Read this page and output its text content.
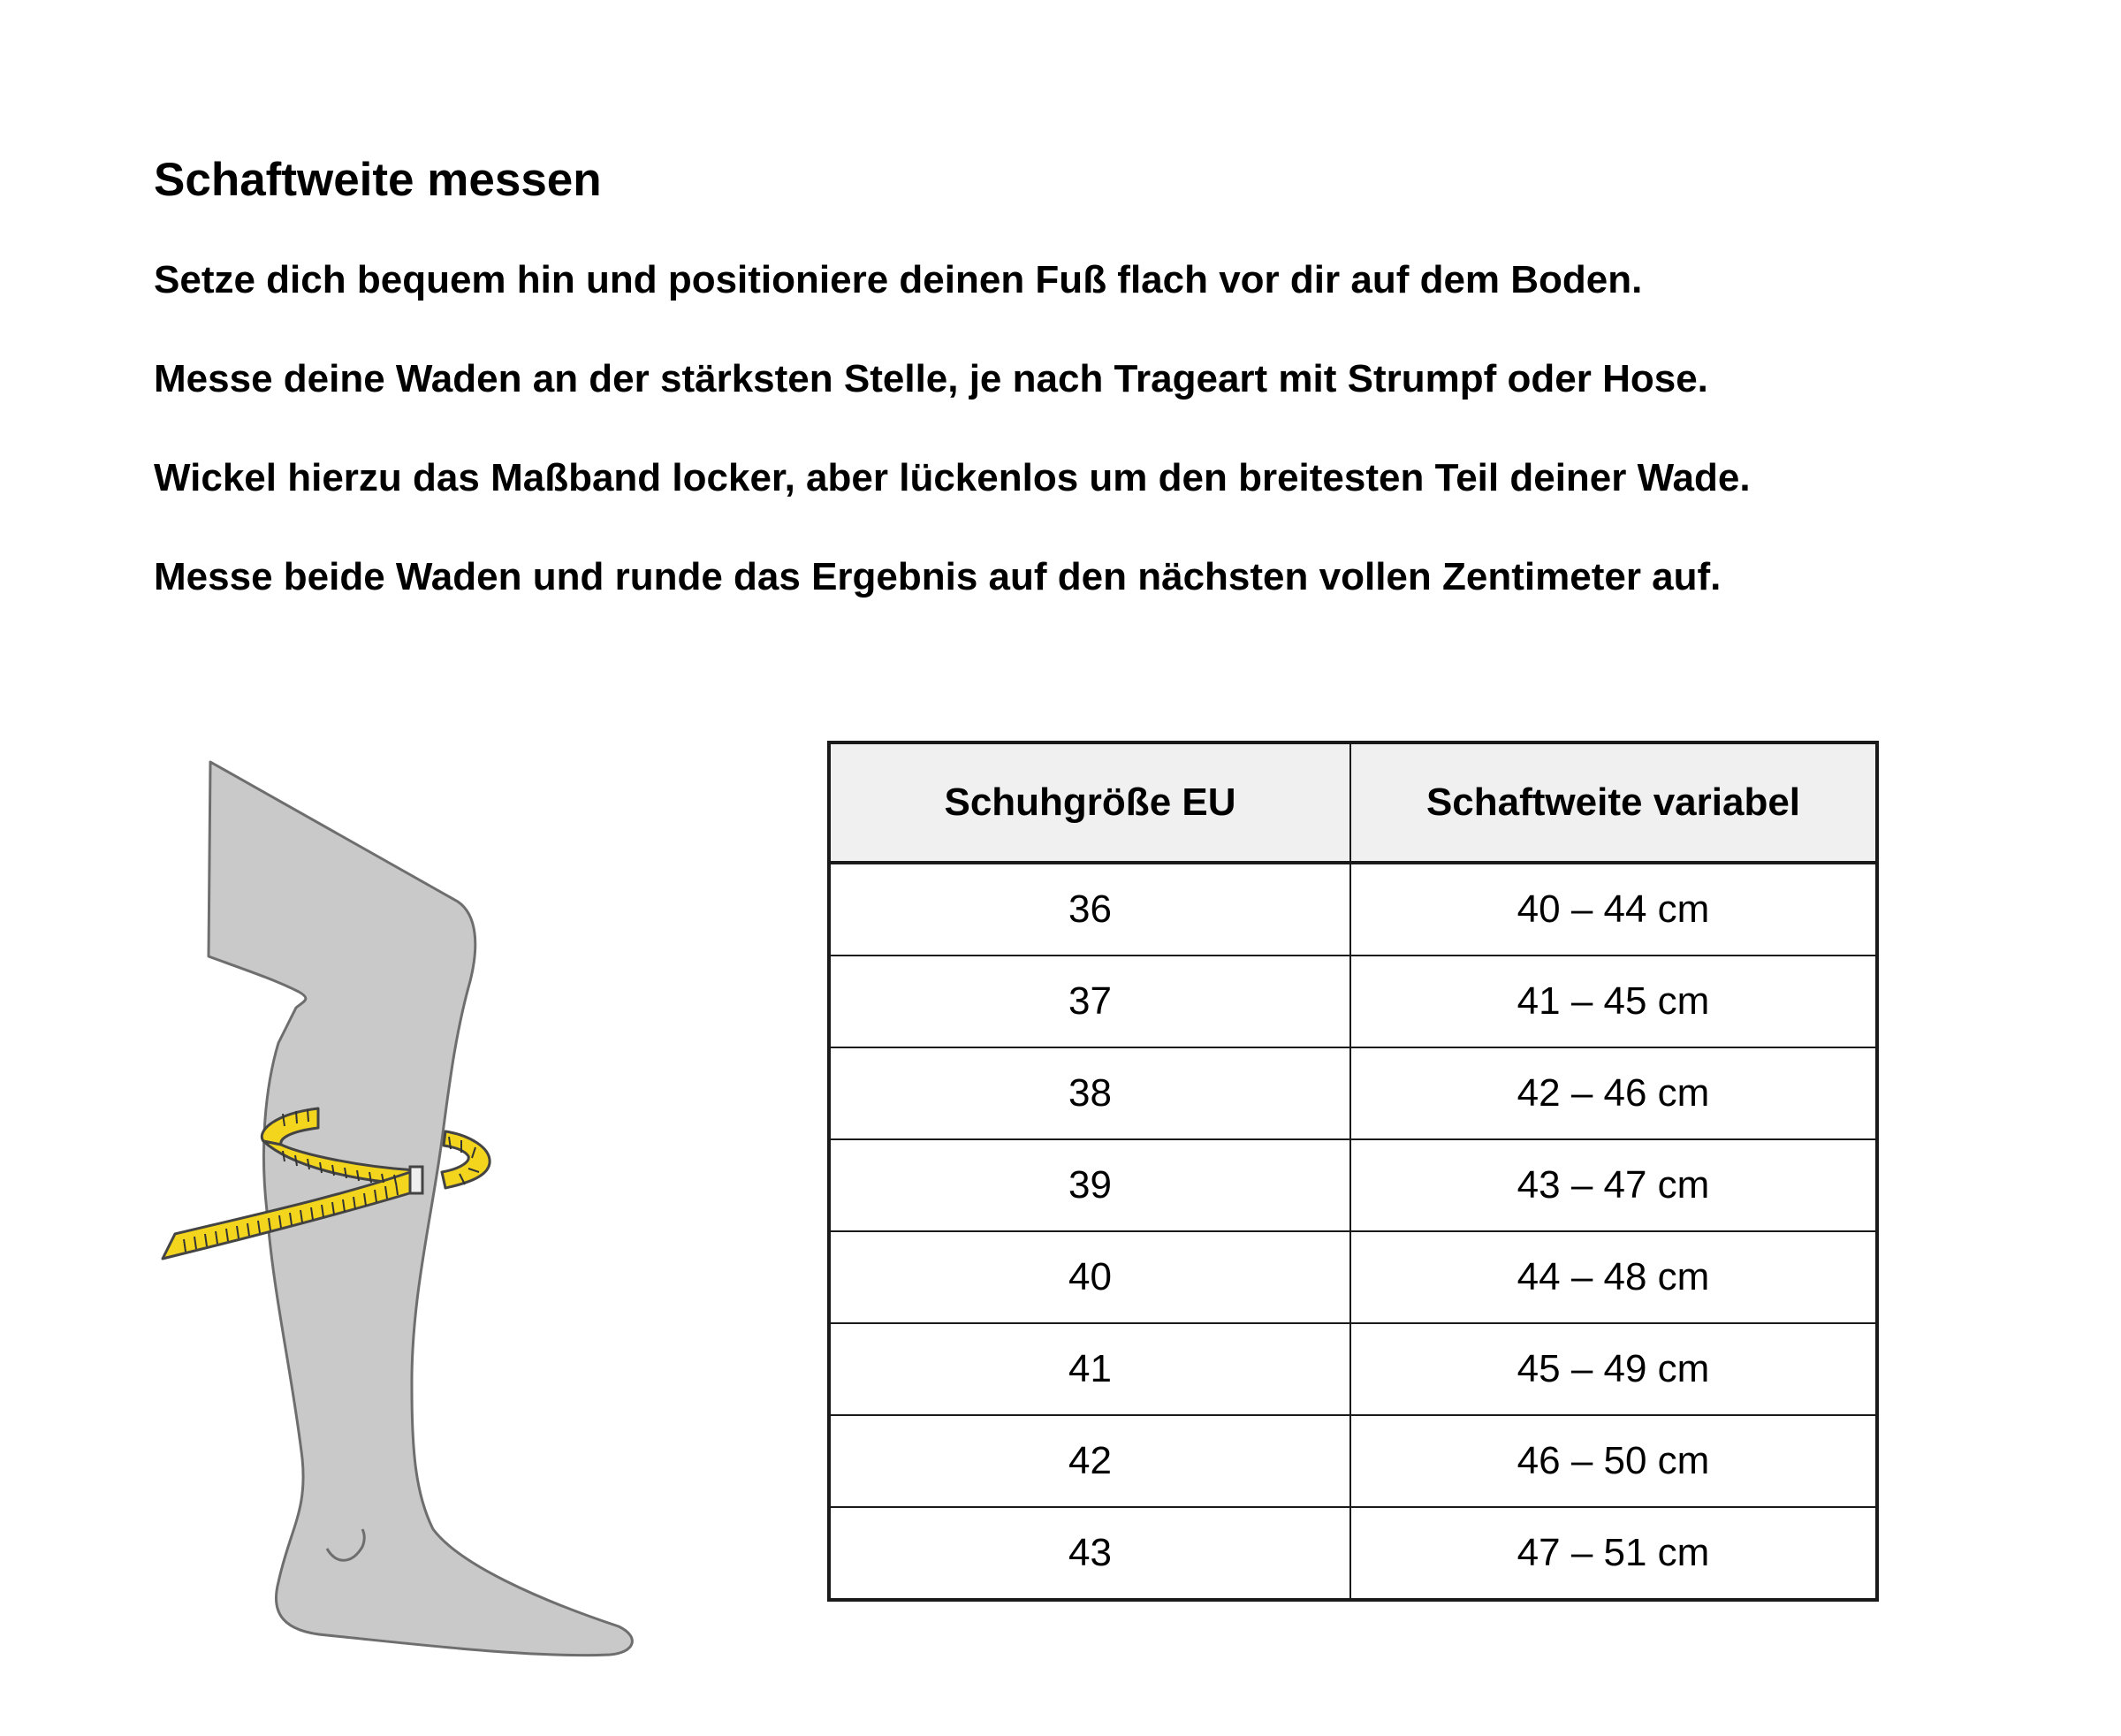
Schaftweite messen
Setze dich bequem hin und positioniere deinen Fuß flach vor dir auf dem Boden.
Messe deine Waden an der stärksten Stelle, je nach Trageart mit Strumpf oder Hose.
Wickel hierzu das Maßband locker, aber lückenlos um den breitesten Teil deiner Wade.
Messe beide Waden und runde das Ergebnis auf den nächsten vollen Zentimeter auf.
Schuhgröße EU	Schaftweite variabel
36	40 – 44 cm
37	41 – 45 cm
38	42 – 46 cm
39	43 – 47 cm
40	44 – 48 cm
41	45 – 49 cm
42	46 – 50 cm
43	47 – 51 cm
